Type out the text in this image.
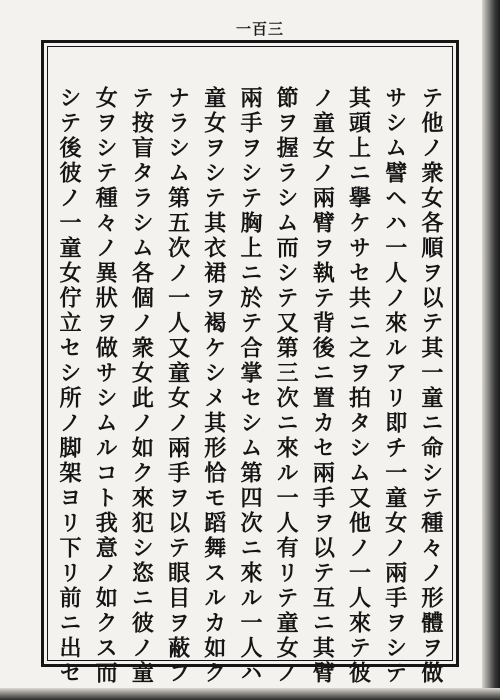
一百三
テ他ノ衆女各順ヲ以テ其一童ニ命シテ種々ノ形體ヲ做
サシム譬ヘハ一人ノ來ルアリ即チ一童女ノ兩手ヲシテ
其頭上ニ擧ケサセ共ニ之ヲ拍タシム又他ノ一人來テ彼
ノ童女ノ兩臂ヲ執テ背後ニ置カセ兩手ヲ以テ互ニ其臂
節ヲ握ラシム而シテ又第三次ニ來ル一人有リテ童女ノ
兩手ヲシテ胸上ニ於テ合掌セシム第四次ニ來ル一人ハ
童女ヲシテ其衣裙ヲ褐ケシメ其形恰モ蹈舞スルカ如ク
ナラシム第五次ノ一人又童女ノ兩手ヲ以テ眼目ヲ蔽フ
テ按盲タラシム各個ノ衆女此ノ如ク來犯シ恣ニ彼ノ童
女ヲシテ種々ノ異狀ヲ做サシムルコト我意ノ如クス而
シテ後彼ノ一童女佇立セシ所ノ脚架ヨリ下リ前ニ出セ
